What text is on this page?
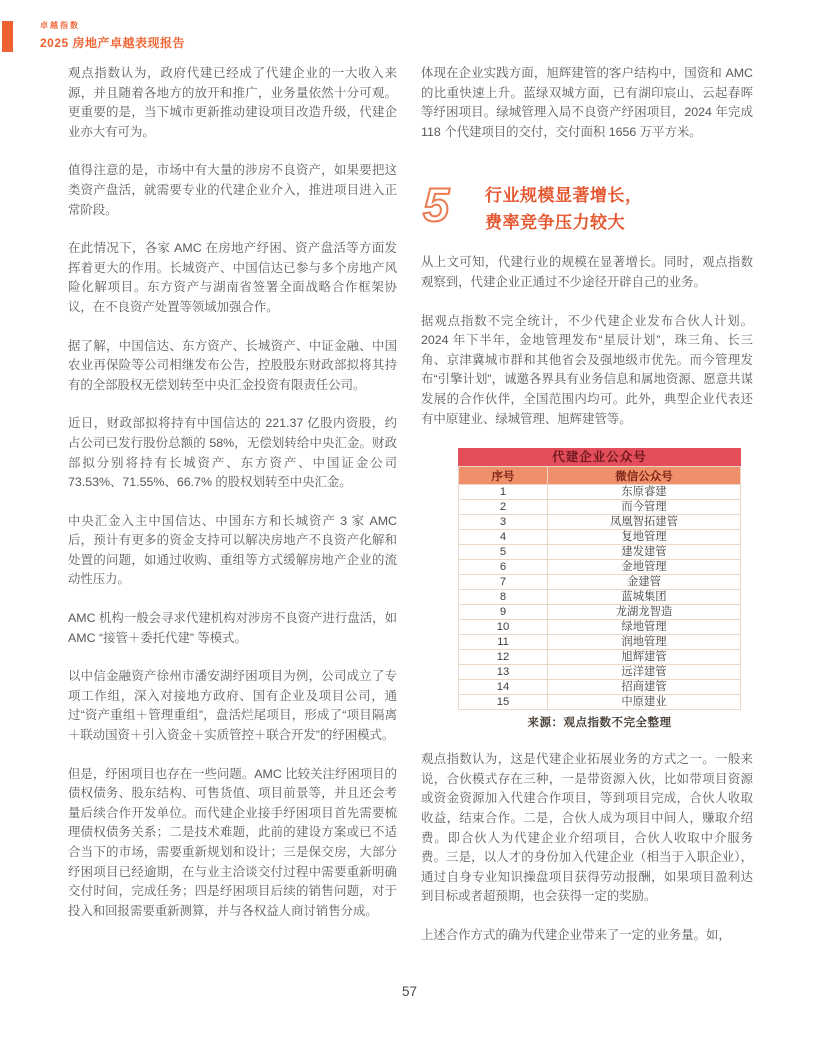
卓越指数
2025 房地产卓越表现报告

观点指数认为，政府代建已经成了代建企业的一大收入来源，并且随着各地方的放开和推广，业务量依然十分可观。更重要的是，当下城市更新推动建设项目改造升级，代建企业亦大有可为。

值得注意的是，市场中有大量的涉房不良资产，如果要把这类资产盘活，就需要专业的代建企业介入，推进项目进入正常阶段。

在此情况下，各家 AMC 在房地产纾困、资产盘活等方面发挥着更大的作用。长城资产、中国信达已参与多个房地产风险化解项目。东方资产与湖南省签署全面战略合作框架协议，在不良资产处置等领域加强合作。

据了解，中国信达、东方资产、长城资产、中证金融、中国农业再保险等公司相继发布公告，控股股东财政部拟将其持有的全部股权无偿划转至中央汇金投资有限责任公司。

近日，财政部拟将持有中国信达的 221.37 亿股内资股，约占公司已发行股份总额的 58%，无偿划转给中央汇金。财政部拟分别将持有长城资产、东方资产、中国证金公司 73.53%、71.55%、66.7% 的股权划转至中央汇金。

中央汇金入主中国信达、中国东方和长城资产 3 家 AMC 后，预计有更多的资金支持可以解决房地产不良资产化解和处置的问题，如通过收购、重组等方式缓解房地产企业的流动性压力。

AMC 机构一般会寻求代建机构对涉房不良资产进行盘活，如 AMC “接管＋委托代建” 等模式。

以中信金融资产徐州市潘安湖纾困项目为例，公司成立了专项工作组，深入对接地方政府、国有企业及项目公司，通过“资产重组＋管理重组”，盘活烂尾项目，形成了“项目隔离＋联动国资＋引入资金＋实质管控＋联合开发”的纾困模式。

但是，纾困项目也存在一些问题。AMC 比较关注纾困项目的债权债务、股东结构、可售货值、项目前景等，并且还会考量后续合作开发单位。而代建企业接手纾困项目首先需要梳理债权债务关系；二是技术难题，此前的建设方案或已不适合当下的市场，需要重新规划和设计；三是保交房，大部分纾困项目已经逾期，在与业主洽谈交付过程中需要重新明确交付时间，完成任务；四是纾困项目后续的销售问题，对于投入和回报需要重新测算，并与各权益人商讨销售分成。

体现在企业实践方面，旭辉建管的客户结构中，国资和 AMC 的比重快速上升。蓝绿双城方面，已有湖印宸山、云起春晖等纾困项目。绿城管理入局不良资产纾困项目，2024 年完成 118 个代建项目的交付，交付面积 1656 万平方米。

5	行业规模显著增长，
费率竞争压力较大

从上文可知，代建行业的规模在显著增长。同时，观点指数观察到，代建企业正通过不少途径开辟自己的业务。

据观点指数不完全统计，不少代建企业发布合伙人计划。2024 年下半年，金地管理发布“星辰计划”，珠三角、长三角、京津冀城市群和其他省会及强地级市优先。而今管理发布“引擎计划”，诚邀各界具有业务信息和属地资源、愿意共谋发展的合作伙伴，全国范围内均可。此外，典型企业代表还有中原建业、绿城管理、旭辉建管等。

代建企业公众号
序号	微信公众号
1	东原睿建
2	而今管理
3	凤凰智拓建管
4	复地管理
5	建发建管
6	金地管理
7	金建管
8	蓝城集团
9	龙湖龙智造
10	绿地管理
11	润地管理
12	旭辉建管
13	远洋建管
14	招商建管
15	中原建业
来源：观点指数不完全整理

观点指数认为，这是代建企业拓展业务的方式之一。一般来说，合伙模式存在三种，一是带资源入伙，比如带项目资源或资金资源加入代建合作项目，等到项目完成，合伙人收取收益，结束合作。二是，合伙人成为项目中间人，赚取介绍费。即合伙人为代建企业介绍项目，合伙人收取中介服务费。三是，以人才的身份加入代建企业（相当于入职企业），通过自身专业知识操盘项目获得劳动报酬，如果项目盈利达到目标或者超预期，也会获得一定的奖励。

上述合作方式的确为代建企业带来了一定的业务量。如，

57
